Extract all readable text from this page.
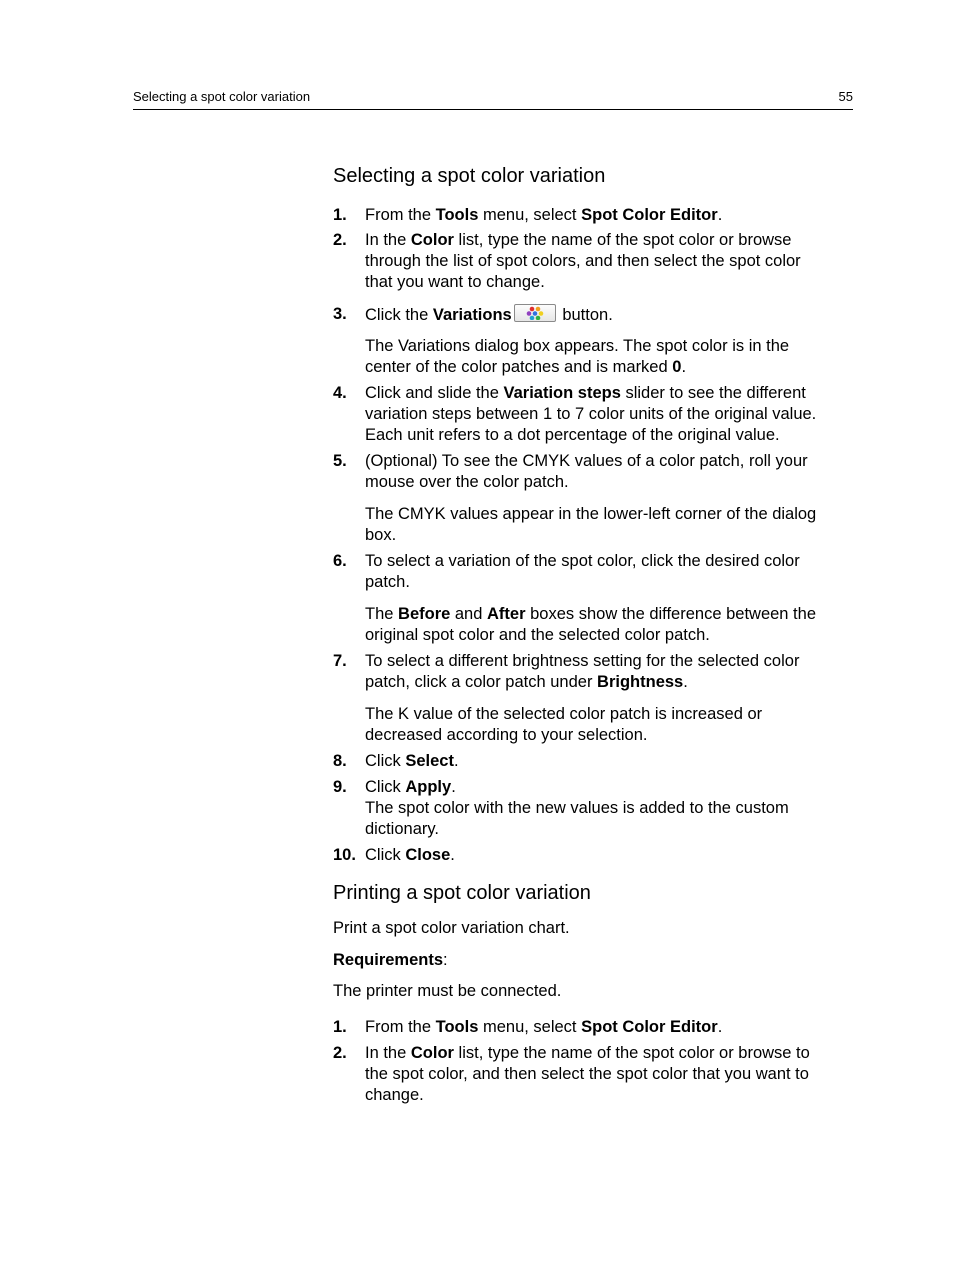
Selecting a spot color variation	55
Selecting a spot color variation
1. From the Tools menu, select Spot Color Editor.
2. In the Color list, type the name of the spot color or browse
through the list of spot colors, and then select the spot color
that you want to change.
3. Click the Variations	button.
The Variations dialog box appears. The spot color is in the
center of the color patches and is marked 0.
4. Click and slide the Variation steps slider to see the different
variation steps between 1 to 7 color units of the original value.
Each unit refers to a dot percentage of the original value.
5. (Optional) To see the CMYK values of a color patch, roll your
mouse over the color patch.
The CMYK values appear in the lower-left corner of the dialog
box.
6. To select a variation of the spot color, click the desired color
patch.
The Before and After boxes show the difference between the
original spot color and the selected color patch.
7. To select a different brightness setting for the selected color
patch, click a color patch under Brightness.
The K value of the selected color patch is increased or
decreased according to your selection.
8. Click Select.
9. Click Apply.
The spot color with the new values is added to the custom
dictionary.
10. Click Close.
Printing a spot color variation
Print a spot color variation chart.
Requirements:
The printer must be connected.
1. From the Tools menu, select Spot Color Editor.
2. In the Color list, type the name of the spot color or browse to
the spot color, and then select the spot color that you want to
change.
